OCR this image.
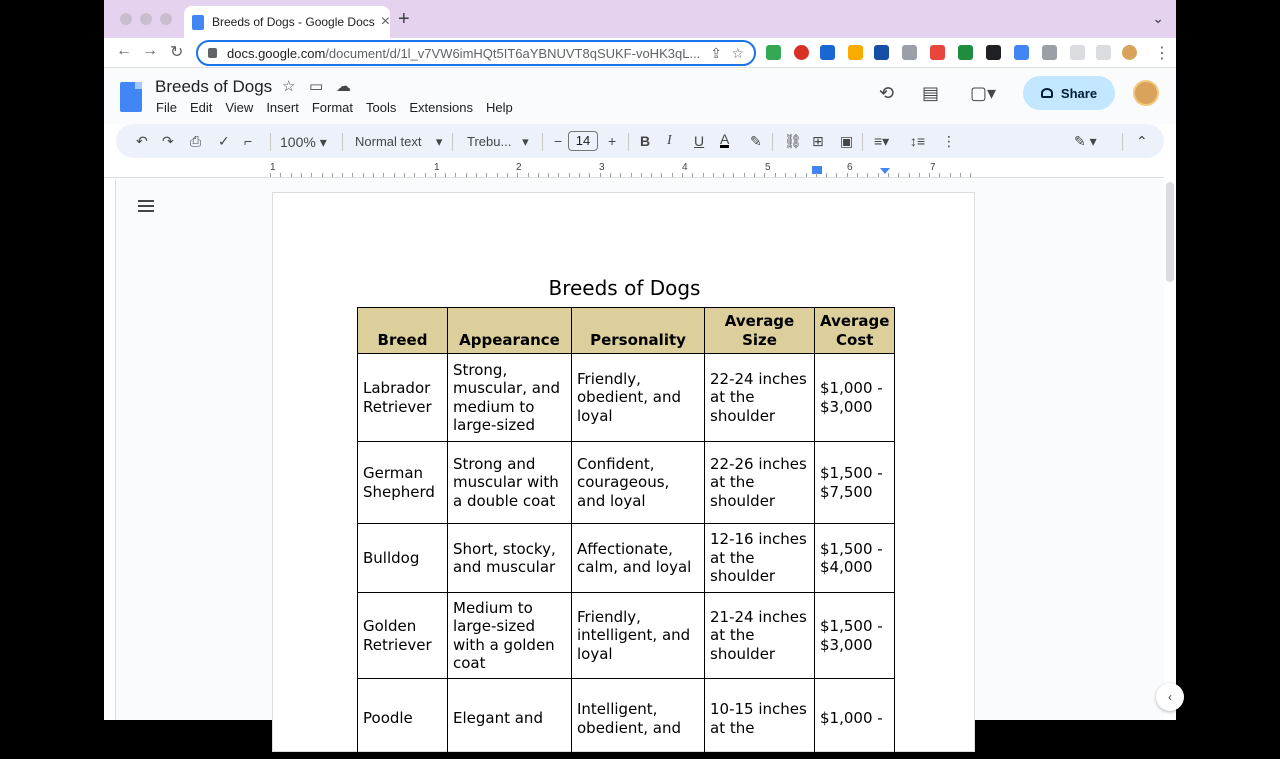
Breeds of Dogs - Google Docs × +	⌄
← → ↻	docs.google.com /document/d/1l_v7VW6imHQt5IT6aYBNUVT8qSUKF-voHK3qL... ⇪ ☆	⋮
Breeds of Dogs ☆ ▭ ☁
File Edit View Insert Format Tools Extensions Help
⟲ ▤ ▢▾	Share
↶ ↷ ⎙ ✓ ⌐ 100% ▾ Normal text    ▾ Trebu...   ▾ −	14	+ B I U A ✎ ⛓ ⊞ ▣ ≡▾ ↕≡ ⋮	✎ ▾	⌃
1	1	2	3	4	5	6	7
Breeds of Dogs
Breed	Appearance	Personality	Average Size	Average Cost
Labrador Retriever	Strong, muscular, and medium to large-sized	Friendly, obedient, and loyal	22-24 inches at the shoulder	$1,000 - $3,000
German Shepherd	Strong and muscular with a double coat	Confident, courageous, and loyal	22-26 inches at the shoulder	$1,500 - $7,500
Bulldog	Short, stocky, and muscular	Affectionate, calm, and loyal	12-16 inches at the shoulder	$1,500 - $4,000
Golden Retriever	Medium to large-sized with a golden coat	Friendly, intelligent, and loyal	21-24 inches at the shoulder	$1,500 - $3,000
Poodle	Elegant and	Intelligent, obedient, and	10-15 inches at the	$1,000 -
‹
